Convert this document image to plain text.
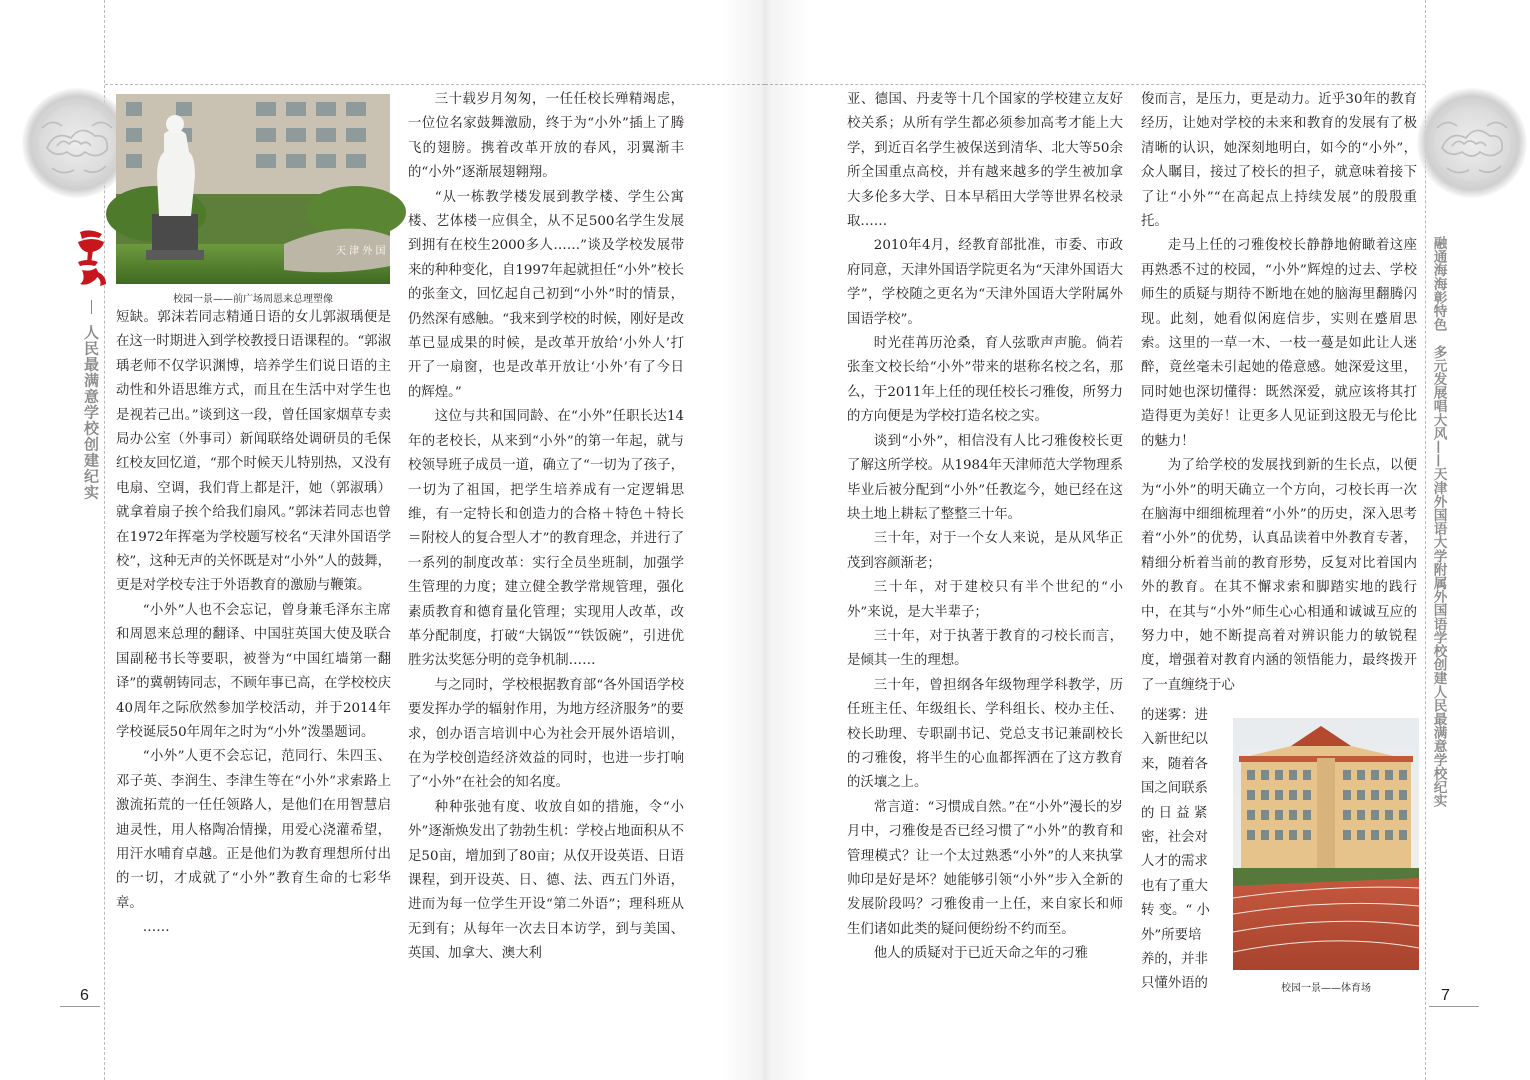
人民最满意学校创建纪实
天 津 外 国 语 学 校
校园一景——前广场周恩来总理塑像

短缺。郭沫若同志精通日语的女儿郭淑瑀便是在这一时期进入到学校教授日语课程的。“郭淑瑀老师不仅学识渊博，培养学生们说日语的主动性和外语思维方式，而且在生活中对学生也是视若己出。”谈到这一段，曾任国家烟草专卖局办公室（外事司）新闻联络处调研员的毛保红校友回忆道，“那个时候天儿特别热，又没有电扇、空调，我们背上都是汗，她（郭淑瑀）就拿着扇子挨个给我们扇风。”郭沫若同志也曾在1972年挥毫为学校题写校名“天津外国语学校”，这种无声的关怀既是对“小外”人的鼓舞，更是对学校专注于外语教育的激励与鞭策。

“小外”人也不会忘记，曾身兼毛泽东主席和周恩来总理的翻译、中国驻英国大使及联合国副秘书长等要职，被誉为“中国红墙第一翻译”的冀朝铸同志，不顾年事已高，在学校校庆40周年之际欣然参加学校活动，并于2014年学校诞辰50年周年之时为“小外”泼墨题词。

“小外”人更不会忘记，范同行、朱四玉、邓子英、李润生、李津生等在“小外”求索路上激流拓荒的一任任领路人，是他们在用智慧启迪灵性，用人格陶冶情操，用爱心浇灌希望，用汗水哺育卓越。正是他们为教育理想所付出的一切，才成就了“小外”教育生命的七彩华章。

……

三十载岁月匆匆，一任任校长殚精竭虑，一位位名家鼓舞激励，终于为“小外”插上了腾飞的翅膀。携着改革开放的春风，羽翼渐丰的“小外”逐渐展翅翱翔。

“从一栋教学楼发展到教学楼、学生公寓楼、艺体楼一应俱全，从不足500名学生发展到拥有在校生2000多人……”谈及学校发展带来的种种变化，自1997年起就担任“小外”校长的张奎文，回忆起自己初到“小外”时的情景，仍然深有感触。“我来到学校的时候，刚好是改革已显成果的时候，是改革开放给‘小外人’打开了一扇窗，也是改革开放让‘小外’有了今日的辉煌。”

这位与共和国同龄、在“小外”任职长达14年的老校长，从来到“小外”的第一年起，就与校领导班子成员一道，确立了“一切为了孩子，一切为了祖国，把学生培养成有一定逻辑思维，有一定特长和创造力的合格＋特色＋特长＝附校人的复合型人才”的教育理念，并进行了一系列的制度改革：实行全员坐班制，加强学生管理的力度；建立健全教学常规管理，强化素质教育和德育量化管理；实现用人改革，改革分配制度，打破“大锅饭”“铁饭碗”，引进优胜劣汰奖惩分明的竞争机制……

与之同时，学校根据教育部“各外国语学校要发挥办学的辐射作用，为地方经济服务”的要求，创办语言培训中心为社会开展外语培训，在为学校创造经济效益的同时，也进一步打响了“小外”在社会的知名度。

种种张弛有度、收放自如的措施，令“小外”逐渐焕发出了勃勃生机：学校占地面积从不足50亩，增加到了80亩；从仅开设英语、日语课程，到开设英、日、德、法、西五门外语，进而为每一位学生开设“第二外语”；理科班从无到有；从每年一次去日本访学，到与美国、英国、加拿大、澳大利

6
融通海海彰特色　多元发展唱大风——天津外国语大学附属外国语学校创建人民最满意学校纪实

亚、德国、丹麦等十几个国家的学校建立友好校关系；从所有学生都必须参加高考才能上大学，到近百名学生被保送到清华、北大等50余所全国重点高校，并有越来越多的学生被加拿大多伦多大学、日本早稻田大学等世界名校录取……

2010年4月，经教育部批准，市委、市政府同意，天津外国语学院更名为“天津外国语大学”，学校随之更名为“天津外国语大学附属外国语学校”。

时光荏苒历沧桑，育人弦歌声声脆。倘若张奎文校长给“小外”带来的堪称名校之名，那么，于2011年上任的现任校长刁雅俊，所努力的方向便是为学校打造名校之实。

谈到“小外”，相信没有人比刁雅俊校长更了解这所学校。从1984年天津师范大学物理系毕业后被分配到“小外”任教迄今，她已经在这块土地上耕耘了整整三十年。

三十年，对于一个女人来说，是从风华正茂到容颜渐老；

三十年，对于建校只有半个世纪的“小外”来说，是大半辈子；

三十年，对于执著于教育的刁校长而言，是倾其一生的理想。

三十年，曾担纲各年级物理学科教学，历任班主任、年级组长、学科组长、校办主任、校长助理、专职副书记、党总支书记兼副校长的刁雅俊，将半生的心血都挥洒在了这方教育的沃壤之上。

常言道：“习惯成自然。”在“小外”漫长的岁月中，刁雅俊是否已经习惯了“小外”的教育和管理模式？让一个太过熟悉“小外”的人来执掌帅印是好是坏？她能够引领“小外”步入全新的发展阶段吗？刁雅俊甫一上任，来自家长和师生们诸如此类的疑问便纷纷不约而至。

他人的质疑对于已近天命之年的刁雅

俊而言，是压力，更是动力。近乎30年的教育经历，让她对学校的未来和教育的发展有了极清晰的认识，她深刻地明白，如今的“小外”，众人瞩目，接过了校长的担子，就意味着接下了让“小外”“在高起点上持续发展”的殷殷重托。

走马上任的刁雅俊校长静静地俯瞰着这座再熟悉不过的校园，“小外”辉煌的过去、学校师生的质疑与期待不断地在她的脑海里翻腾闪现。此刻，她看似闲庭信步，实则在蹙眉思索。这里的一草一木、一枝一蔓是如此让人迷醉，竟丝毫未引起她的倦意感。她深爱这里，同时她也深切懂得：既然深爱，就应该将其打造得更为美好！让更多人见证到这股无与伦比的魅力！

为了给学校的发展找到新的生长点，以便为“小外”的明天确立一个方向，刁校长再一次在脑海中细细梳理着“小外”的历史，深入思考着“小外”的优势，认真品读着中外教育专著，精细分析着当前的教育形势，反复对比着国内外的教育。在其不懈求索和脚踏实地的践行中，在其与“小外”师生心心相通和诚诚互应的努力中，她不断提高着对辨识能力的敏锐程度，增强着对教育内涵的领悟能力，最终拨开了一直缠绕于心

的迷雾：进
入新世纪以
来，随着各
国之间联系
的 日 益 紧
密，社会对
人才的需求
也有了重大
转 变。“ 小
外”所要培
养的，并非
只懂外语的	校园一景——体育场	7
